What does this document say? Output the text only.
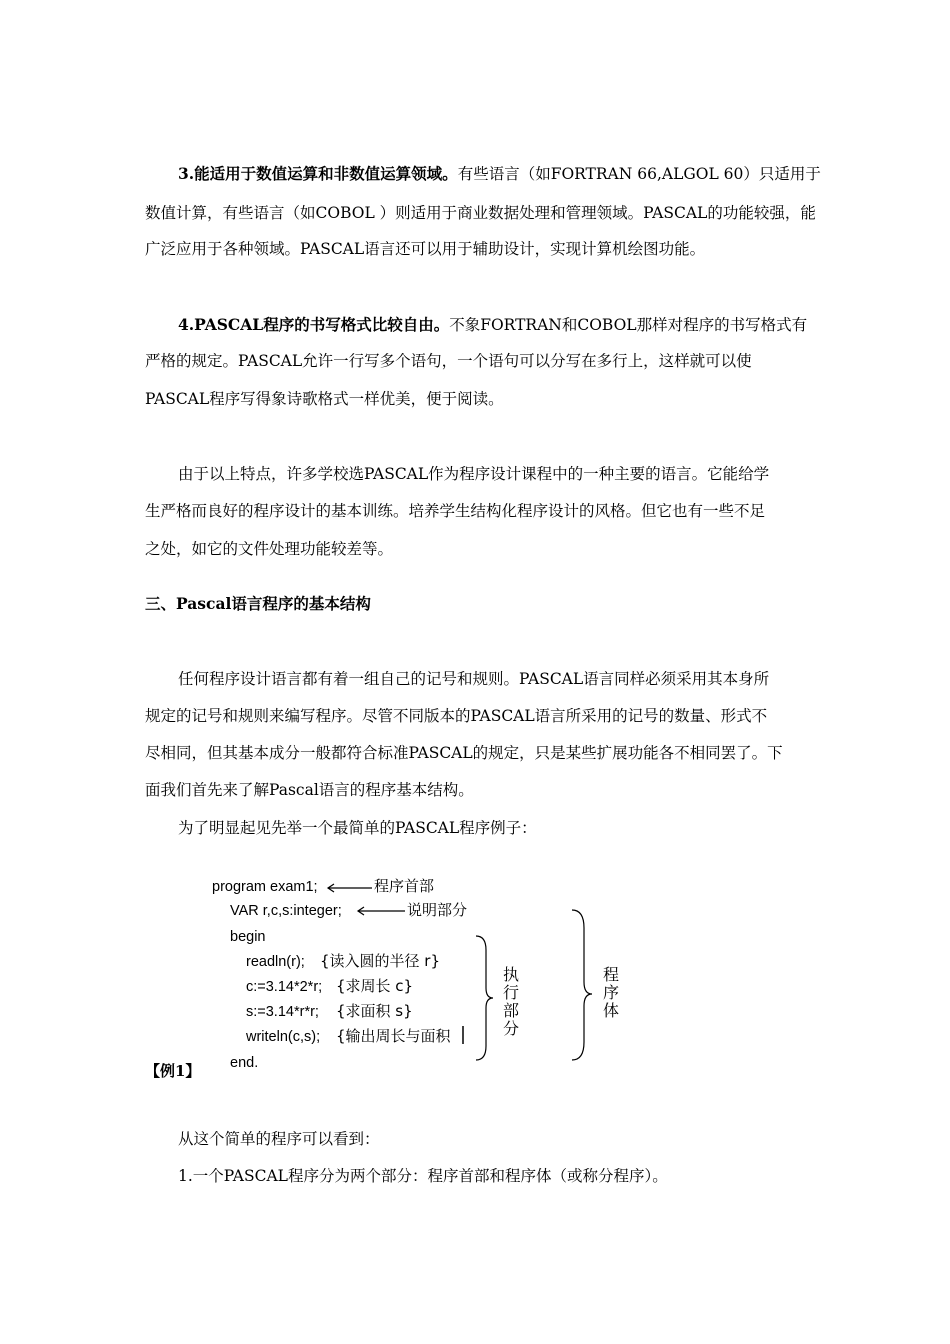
3.能适用于数值运算和非数值运算领域。有些语言（如FORTRAN 66,ALGOL 60）只适用于
数值计算，有些语言（如COBOL ）则适用于商业数据处理和管理领域。PASCAL的功能较强，能
广泛应用于各种领域。PASCAL语言还可以用于辅助设计，实现计算机绘图功能。
4.PASCAL程序的书写格式比较自由。不象FORTRAN和COBOL那样对程序的书写格式有
严格的规定。PASCAL允许一行写多个语句，一个语句可以分写在多行上，这样就可以使
PASCAL程序写得象诗歌格式一样优美，便于阅读。
由于以上特点，许多学校选PASCAL作为程序设计课程中的一种主要的语言。它能给学
生严格而良好的程序设计的基本训练。培养学生结构化程序设计的风格。但它也有一些不足
之处，如它的文件处理功能较差等。
三、Pascal语言程序的基本结构
任何程序设计语言都有着一组自己的记号和规则。PASCAL语言同样必须采用其本身所
规定的记号和规则来编写程序。尽管不同版本的PASCAL语言所采用的记号的数量、形式不
尽相同，但其基本成分一般都符合标准PASCAL的规定，只是某些扩展功能各不相同罢了。下
面我们首先来了解Pascal语言的程序基本结构。
为了明显起见先举一个最简单的PASCAL程序例子：
program exam1;	程序首部
VAR r,c,s:integer;	说明部分
begin
readln(r); {读入圆的半径 r}
c:=3.14*2*r; {求周长 c}
s:=3.14*r*r; {求面积 s}
writeln(c,s); {输出周长与面积
end.
执行部分
程序体
【例1】
从这个简单的程序可以看到：
1.一个PASCAL程序分为两个部分：程序首部和程序体（或称分程序）。
